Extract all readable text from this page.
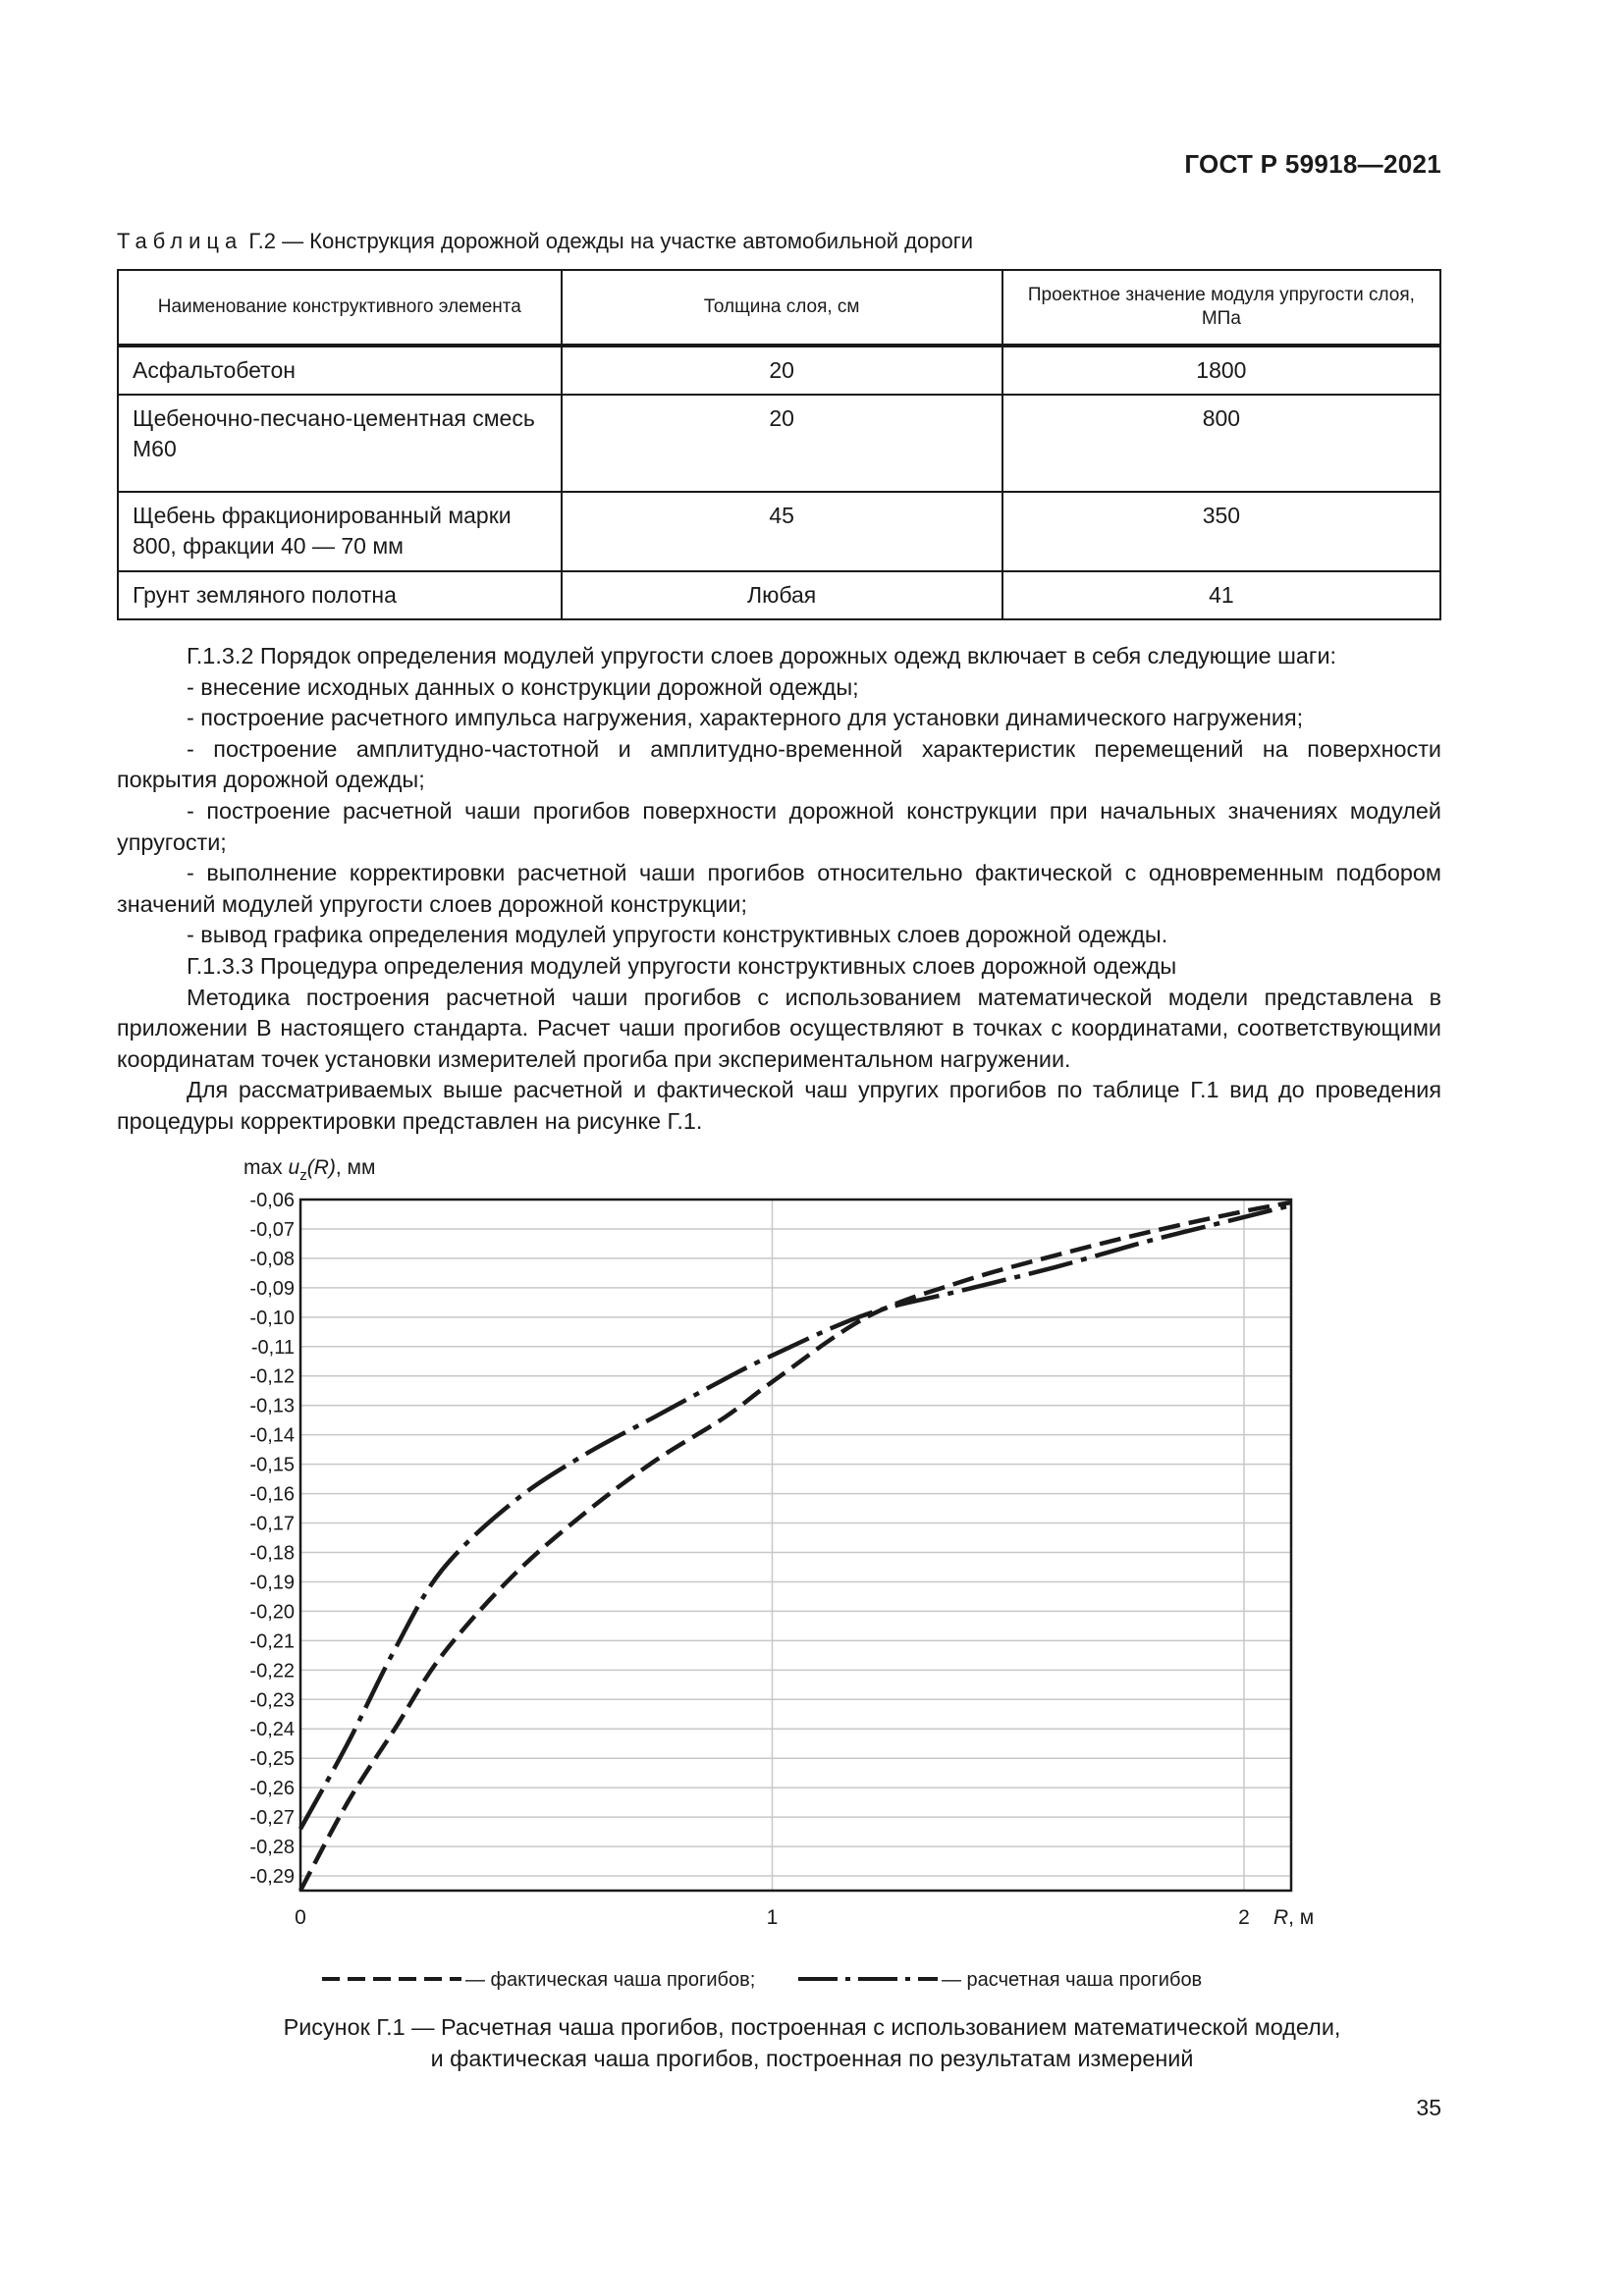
ГОСТ Р 59918—2021
Таблица Г.2 — Конструкция дорожной одежды на участке автомобильной дороги
Наименование конструктивного элемента	Толщина слоя, см	Проектное значение модуля упругости слоя, МПа
Асфальтобетон	20	1800
Щебеночно-песчано-цементная смесь М60	20	800
Щебень фракционированный марки 800, фракции 40 — 70 мм	45	350
Грунт земляного полотна	Любая	41

Г.1.3.2 Порядок определения модулей упругости слоев дорожных одежд включает в себя следующие шаги:

- внесение исходных данных о конструкции дорожной одежды;

- построение расчетного импульса нагружения, характерного для установки динамического нагружения;

- построение амплитудно-частотной и амплитудно-временной характеристик перемещений на поверхности покрытия дорожной одежды;

- построение расчетной чаши прогибов поверхности дорожной конструкции при начальных значениях модулей упругости;

- выполнение корректировки расчетной чаши прогибов относительно фактической с одновременным подбором значений модулей упругости слоев дорожной конструкции;

- вывод графика определения модулей упругости конструктивных слоев дорожной одежды.

Г.1.3.3 Процедура определения модулей упругости конструктивных слоев дорожной одежды

Методика построения расчетной чаши прогибов с использованием математической модели представлена в приложении В настоящего стандарта. Расчет чаши прогибов осуществляют в точках с координатами, соответствующими координатам точек установки измерителей прогиба при экспериментальном нагружении.

Для рассматриваемых выше расчетной и фактической чаш упругих прогибов по таблице Г.1 вид до проведения процедуры корректировки представлен на рисунке Г.1.

-0,06
-0,07
-0,08
-0,09
-0,10
-0,11
-0,12
-0,13
-0,14
-0,15
-0,16
-0,17
-0,18
-0,19
-0,20
-0,21
-0,22
-0,23
-0,24
-0,25
-0,26
-0,27
-0,28
-0,29
0	1	2
$\max u_z(R)$, мм
R, м
— фактическая чаша прогибов;	— расчетная чаша прогибов
Рисунок Г.1 — Расчетная чаша прогибов, построенная с использованием математической модели,
и фактическая чаша прогибов, построенная по результатам измерений
35
